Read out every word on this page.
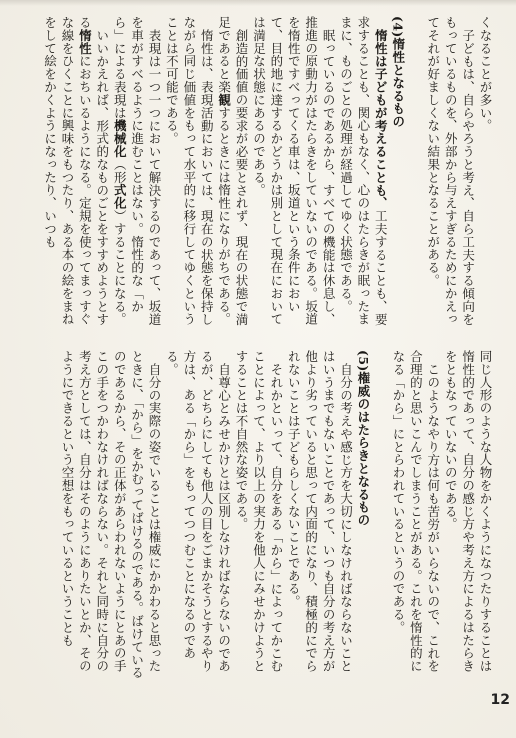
くなることが多い。

子どもは、自らやろうと考え、自ら工夫する傾向をもっているものを、外部から与えすぎるためにかえってそれが好ましくない結果となることがある。

(4)惰性となるもの

惰性は子どもが考えることも、工夫することも、要求することも、関心もなく、心のはたらきが眠ったままに、ものごとの処理が経過してゆく状態である。

眠っているのであるから、すべての機能は休息し、推進の原動力がはたらきをしていないのである。坂道を惰性ですべってくる車は、坂道という条件において、目的地に達するかどうかは別として現在においては満足な状態にあるのである。

創造的価値の要求が必要とされず、現在の状態で満足であると楽観するときには惰性になりがちである。

惰性は、表現活動においては、現在の状態を保持しながら同じ価値をもって水平的に移行してゆくということは不可能である。

表現は一つ一つにおいて解決するのであって、坂道を車がすべるように進むことはない。惰性的な「から」による表現は機械化（形式化）することになる。

いいかえれば、形式的なものごとをすすめようとする惰性におちいるようになる。定規を使ってまっすぐな線をひくことに興味をもつたり、ある本の絵をまねをして絵をかくようになったり、いつも

同じ人形のような人物をかくようになつたりすることは惰性的であって、自分の感じ方や考え方によるはたらきをともなっていないのである。

このようなやり方は何も苦労がいらないので、これを合理的と思いこんでしまうことがある。これを惰性的になる「から」にとらわれているというのである。

(5)権威のはたらきとなるもの

自分の考えや感じ方を大切にしなければならないことはいうまでもないことであって、いつも自分の考え方が他より劣っていると思って内面的になり、積極的にでられないことは子どもらしくないことである。

それかといって、自分をある「から」によってかこむことによって、より以上の実力を他人にみせかけようとすることは不自然な姿である。

自尊心とみせかけとは区別しなければならないのであるが、どちらにしても他人の目をごまかそうとするやり方は、ある「から」をもってつつむことになるのである。

自分の実際の姿でいることは権威にかかわると思ったときに、「から」をかむってばけるのである。ばけているのであるから、その正体があらわれないようにとあの手この手をつかわなければならない。それと同時に自分の考え方としては、自分はそのようにありたいとか、そのようにできるという空想をもっているということも

12
